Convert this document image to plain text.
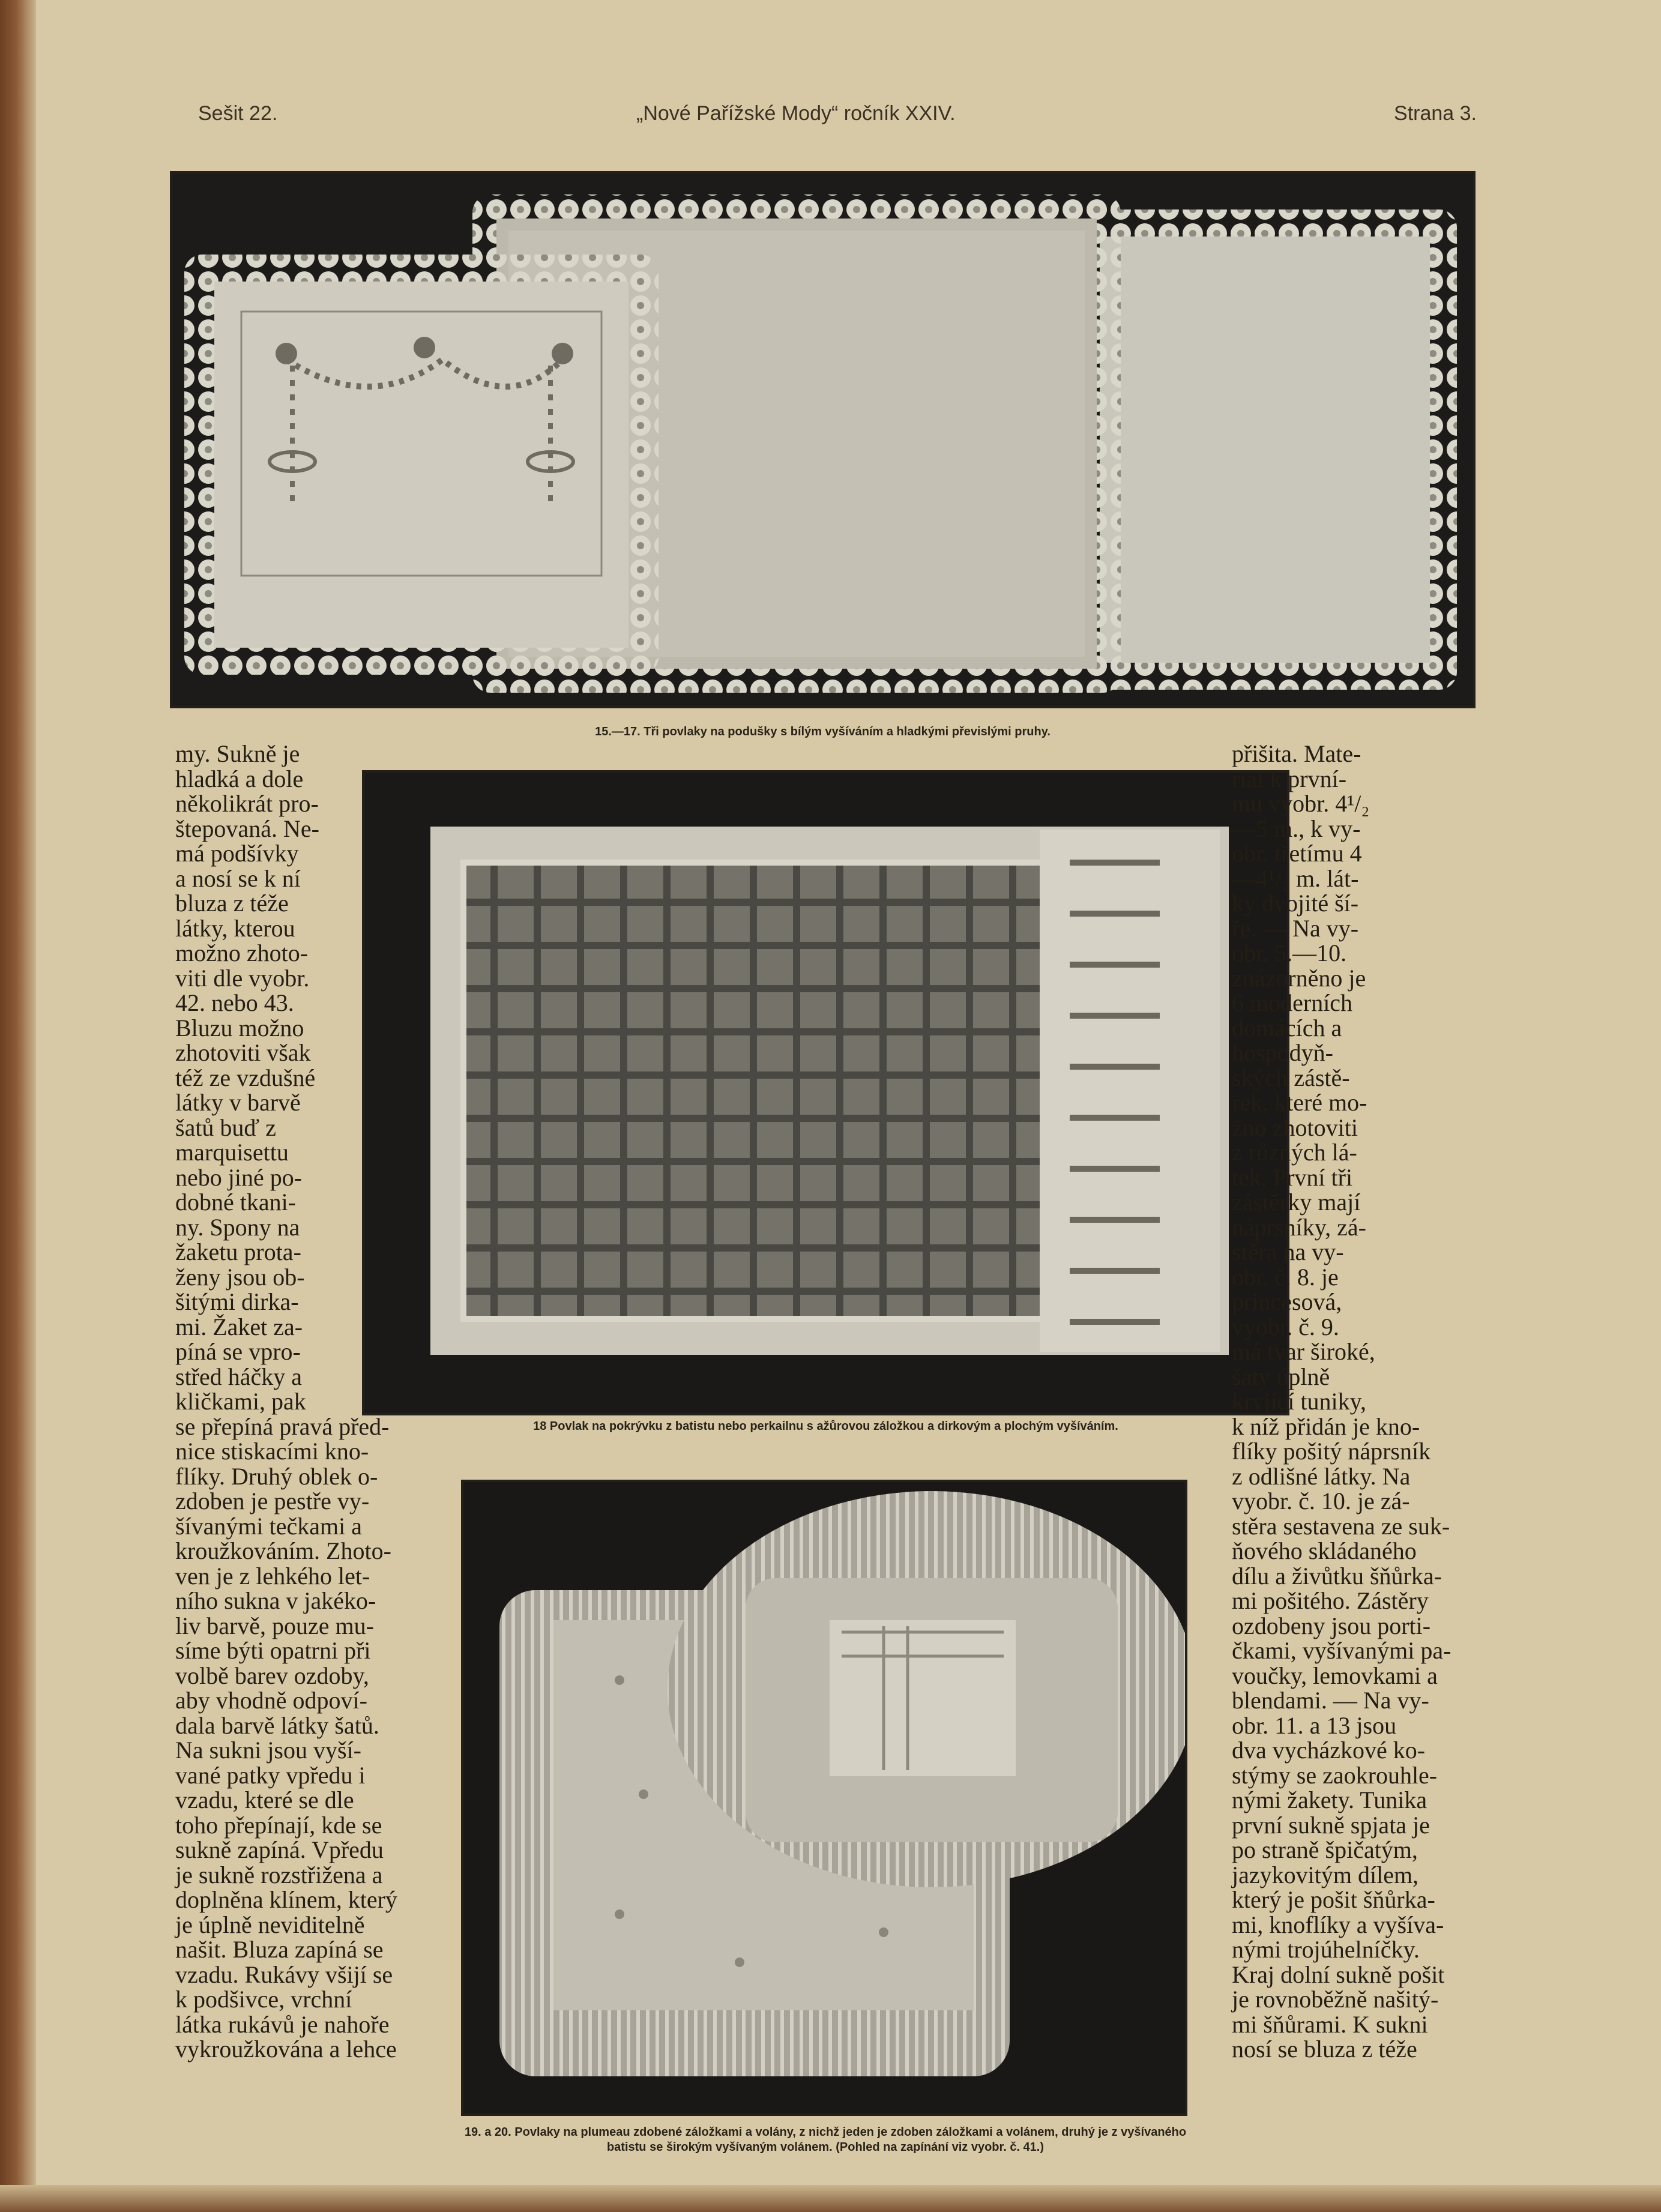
Sešit 22.	„Nové Pařížské Mody“ ročník XXIV.	Strana 3.
15.—17. Tři povlaky na podušky s bílým vyšíváním a hladkými převislými pruhy.
18 Povlak na pokrývku z batistu nebo perkailnu s ažůrovou záložkou a dirkovým a plochým vyšíváním.
19. a 20. Povlaky na plumeau zdobené záložkami a volány, z nichž jeden je zdoben záložkami a volánem, druhý je z vyšívaného batistu se širokým vyšívaným volánem. (Pohled na zapínání viz vyobr. č. 41.)
my. Sukně je
hladká a dole
několikrát pro-
štepovaná. Ne-
má podšívky
a nosí se k ní
bluza z téže
látky, kterou
možno zhoto-
viti dle vyobr.
42. nebo 43.
Bluzu možno
zhotoviti však
též ze vzdušné
látky v barvě
šatů buď z
marquisettu
nebo jiné po-
dobné tkani-
ny. Spony na
žaketu prota-
ženy jsou ob-
šitými dirka-
mi. Žaket za-
píná se vpro-
střed háčky a
kličkami, pak
se přepíná pravá před-
nice stiskacími kno-
flíky. Druhý oblek o-
zdoben je pestře vy-
šívanými tečkami a
kroužkováním. Zhoto-
ven je z lehkého let-
ního sukna v jakéko-
liv barvě, pouze mu-
síme býti opatrni při
volbě barev ozdoby,
aby vhodně odpoví-
dala barvě látky šatů.
Na sukni jsou vyší-
vané patky vpředu i
vzadu, které se dle
toho přepínají, kde se
sukně zapíná. Vpředu
je sukně rozstřižena a
doplněna klínem, který
je úplně neviditelně
našit. Bluza zapíná se
vzadu. Rukávy všijí se
k podšivce, vrchní
látka rukávů je nahoře
vykroužkována a lehce
přišita. Mate-
riál k první-
mu vyobr. 4¹/₂
—5 m., k vy-
obr. třetímu 4
—4¹/₂ m. lát-
ky dvojité ší-
ře. — Na vy-
obr. 5.—10.
znázorněno je
6 moderních
domácích a
hospodyň-
ských zástě-
rek, které mo-
žno zhotoviti
z různých lá-
tek. První tři
zástěrky mají
náprsníky, zá-
stěra na vy-
obr. č. 8. je
princesová,
vyobr. č. 9.
má tvar široké,
šaty úplně
kryjící tuniky,
k níž přidán je kno-
flíky pošitý náprsník
z odlišné látky. Na
vyobr. č. 10. je zá-
stěra sestavena ze suk-
ňového skládaného
dílu a živůtku šňůrka-
mi pošitého. Zástěry
ozdobeny jsou porti-
čkami, vyšívanými pa-
voučky, lemovkami a
blendami. — Na vy-
obr. 11. a 13 jsou
dva vycházkové ko-
stýmy se zaokrouhle-
nými žakety. Tunika
první sukně spjata je
po straně špičatým,
jazykovitým dílem,
který je pošit šňůrka-
mi, knoflíky a vyšíva-
nými trojúhelníčky.
Kraj dolní sukně pošit
je rovnoběžně našitý-
mi šňůrami. K sukni
nosí se bluza z téže
